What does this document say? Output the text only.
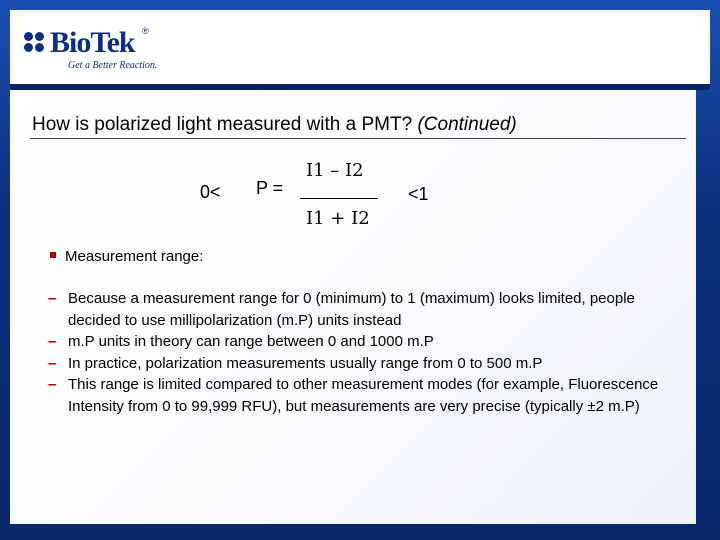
BioTek ®
Get a Better Reaction.
How is polarized light measured with a PMT? (Continued)
0< P =
I1 – I2
I1 + I2
<1
Measurement range:
– Because a measurement range for 0 (minimum) to 1 (maximum) looks limited, people decided to use millipolarization (m.P) units instead
– m.P units in theory can range between 0 and 1000 m.P
– In practice, polarization measurements usually range from 0 to 500 m.P
– This range is limited compared to other measurement modes (for example, Fluorescence Intensity from 0 to 99,999 RFU), but measurements are very precise (typically ±2 m.P)
